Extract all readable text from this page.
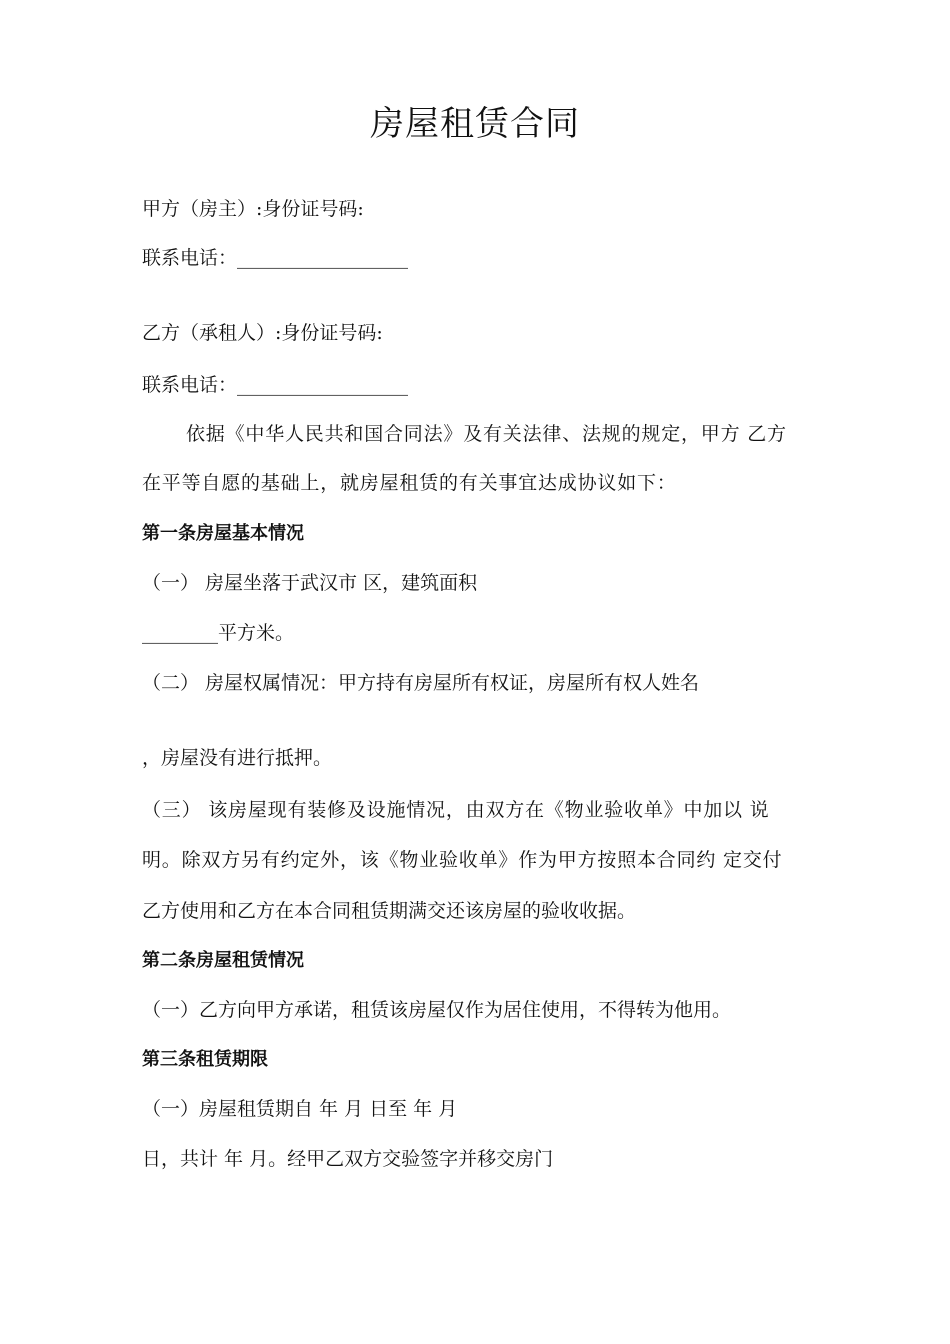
房屋租赁合同
甲方（房主）:身份证号码:
联系电话：__________________
乙方（承租人）:身份证号码:
联系电话：__________________
依据《中华人民共和国合同法》及有关法律、法规的规定，甲方 乙方
在平等自愿的基础上，就房屋租赁的有关事宜达成协议如下：
第一条房屋基本情况
（一） 房屋坐落于武汉市 区，建筑面积
________平方米。
（二） 房屋权属情况：甲方持有房屋所有权证，房屋所有权人姓名
，房屋没有进行抵押。
（三） 该房屋现有装修及设施情况，由双方在《物业验收单》中加以 说
明。除双方另有约定外，该《物业验收单》作为甲方按照本合同约 定交付
乙方使用和乙方在本合同租赁期满交还该房屋的验收收据。
第二条房屋租赁情况
（一）乙方向甲方承诺，租赁该房屋仅作为居住使用，不得转为他用。
第三条租赁期限
（一）房屋租赁期自 年 月 日至 年 月
日，共计 年 月。经甲乙双方交验签字并移交房门
